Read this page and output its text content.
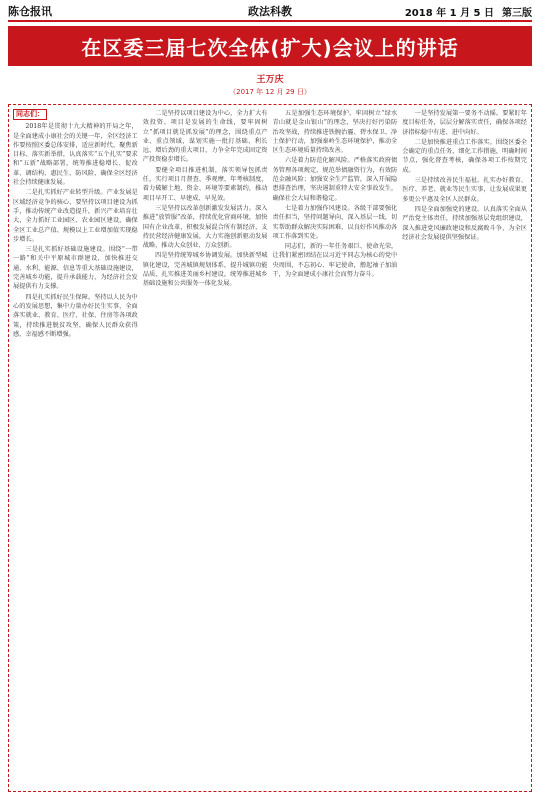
陈仓报讯	政法科教	2018 年 1 月 5 日 第三版
在区委三届七次全体(扩大)会议上的讲话
王万庆
（2017 年 12 月 29 日）
同志们：

2018年是贯彻十九大精神的开局之年，是全面建成小康社会的关键一年，全区经济工作要按照区委总体安排，适应新时代、聚焦新目标、落实新举措，认真落实“五个扎实”要求和“五新”战略部署，统筹推进稳增长、促改革、调结构、惠民生、防风险，确保全区经济社会持续健康发展。

二是扎实抓好产业转型升级。产业发展是区域经济竞争的核心，要坚持以项目建设为抓手，推动传统产业改造提升，新兴产业培育壮大，全力抓好工业园区、农业园区建设，确保全区工业总产值、规模以上工业增加值实现稳步增长。

三是扎实抓好基础设施建设。围绕“一带一路”和关中平原城市群建设，加快推进交通、水利、能源、信息等重大基础设施建设，完善城乡功能，提升承载能力，为经济社会发展提供有力支撑。

四是扎实抓好民生保障。坚持以人民为中心的发展思想，集中力量办好民生实事，全面落实就业、教育、医疗、社保、住房等各项政策，持续推进脱贫攻坚，确保人民群众获得感、幸福感不断增强。

二是坚持以项目建设为中心，全力扩大有效投资。项目是发展的生命线，要牢固树立“抓项目就是抓发展”的理念，围绕重点产业、重点领域，谋划实施一批打基础、利长远、增后劲的重大项目，力争全年完成固定资产投资稳步增长。

要健全项目推进机制，落实领导包抓责任，实行项目月督查、季观摩、年考核制度，着力破解土地、资金、环境等要素制约，推动项目早开工、早建成、早见效。

三是坚持以改革创新激发发展活力。深入推进“放管服”改革，持续优化营商环境，加快国有企业改革，积极发展混合所有制经济，支持民营经济健康发展，大力实施创新驱动发展战略，推动大众创业、万众创新。

四是坚持统筹城乡协调发展。加快新型城镇化建设，完善城镇规划体系，提升城镇功能品质，扎实推进美丽乡村建设，统筹推进城乡基础设施和公共服务一体化发展。

五是加强生态环境保护。牢固树立“绿水青山就是金山银山”的理念，坚决打好污染防治攻坚战，持续推进铁腕治霾、碧水保卫、净土保护行动，加强秦岭生态环境保护，推动全区生态环境质量持续改善。

六是着力防范化解风险。严格落实政府债务管理各项规定，规范举债融资行为，有效防范金融风险；加强安全生产监管，深入开展隐患排查治理，坚决遏制重特大安全事故发生，确保社会大局和谐稳定。

七是着力加强作风建设。各级干部要强化责任担当，坚持问题导向，深入基层一线，切实帮助群众解决实际困难，以良好作风推动各项工作落到实处。

同志们，新的一年任务艰巨、使命光荣，让我们紧密团结在以习近平同志为核心的党中央周围，不忘初心、牢记使命，撸起袖子加油干，为全面建成小康社会而努力奋斗。

一是坚持发展第一要务不动摇。要紧盯年度目标任务，层层分解落实责任，确保各项经济指标稳中有进、进中向好。

二是加快推进重点工作落实。围绕区委全会确定的重点任务，细化工作措施，明确时间节点，强化督查考核，确保各项工作按期完成。

三是持续改善民生福祉。扎实办好教育、医疗、养老、就业等民生实事，让发展成果更多更公平惠及全区人民群众。

四是全面加强党的建设。认真落实全面从严治党主体责任，持续加强基层党组织建设，深入推进党风廉政建设和反腐败斗争，为全区经济社会发展提供坚强保证。
